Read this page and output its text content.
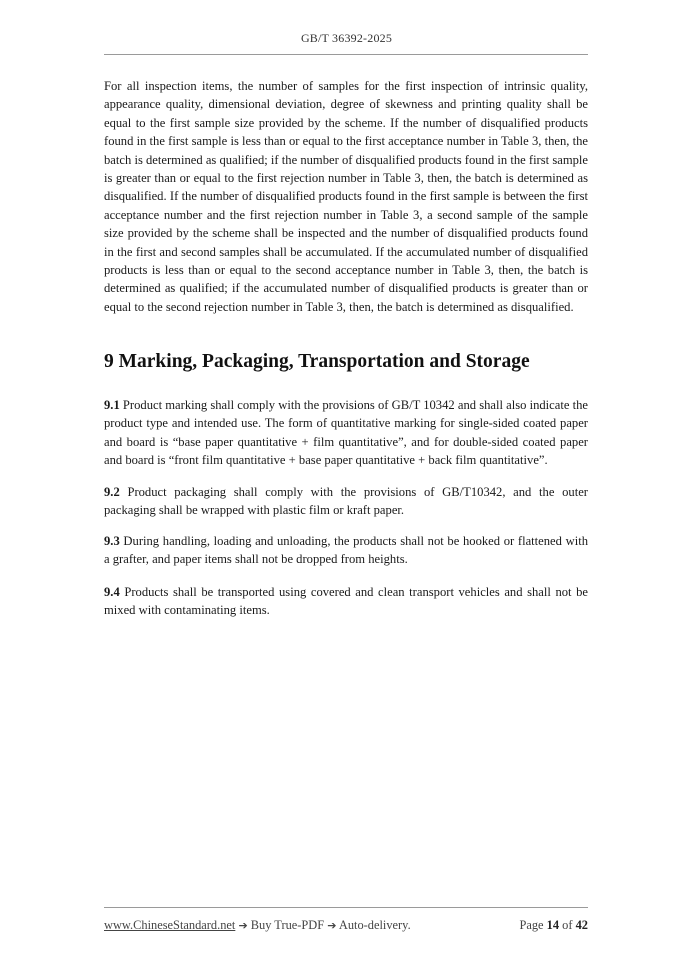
GB/T 36392-2025
For all inspection items, the number of samples for the first inspection of intrinsic quality, appearance quality, dimensional deviation, degree of skewness and printing quality shall be equal to the first sample size provided by the scheme. If the number of disqualified products found in the first sample is less than or equal to the first acceptance number in Table 3, then, the batch is determined as qualified; if the number of disqualified products found in the first sample is greater than or equal to the first rejection number in Table 3, then, the batch is determined as disqualified. If the number of disqualified products found in the first sample is between the first acceptance number and the first rejection number in Table 3, a second sample of the sample size provided by the scheme shall be inspected and the number of disqualified products found in the first and second samples shall be accumulated. If the accumulated number of disqualified products is less than or equal to the second acceptance number in Table 3, then, the batch is determined as qualified; if the accumulated number of disqualified products is greater than or equal to the second rejection number in Table 3, then, the batch is determined as disqualified.
9 Marking, Packaging, Transportation and Storage
9.1 Product marking shall comply with the provisions of GB/T 10342 and shall also indicate the product type and intended use. The form of quantitative marking for single-sided coated paper and board is “base paper quantitative + film quantitative”, and for double-sided coated paper and board is “front film quantitative + base paper quantitative + back film quantitative”.
9.2 Product packaging shall comply with the provisions of GB/T10342, and the outer packaging shall be wrapped with plastic film or kraft paper.
9.3 During handling, loading and unloading, the products shall not be hooked or flattened with a grafter, and paper items shall not be dropped from heights.
9.4 Products shall be transported using covered and clean transport vehicles and shall not be mixed with contaminating items.
www.ChineseStandard.net ➔ Buy True-PDF ➔ Auto-delivery.	Page 14 of 42
